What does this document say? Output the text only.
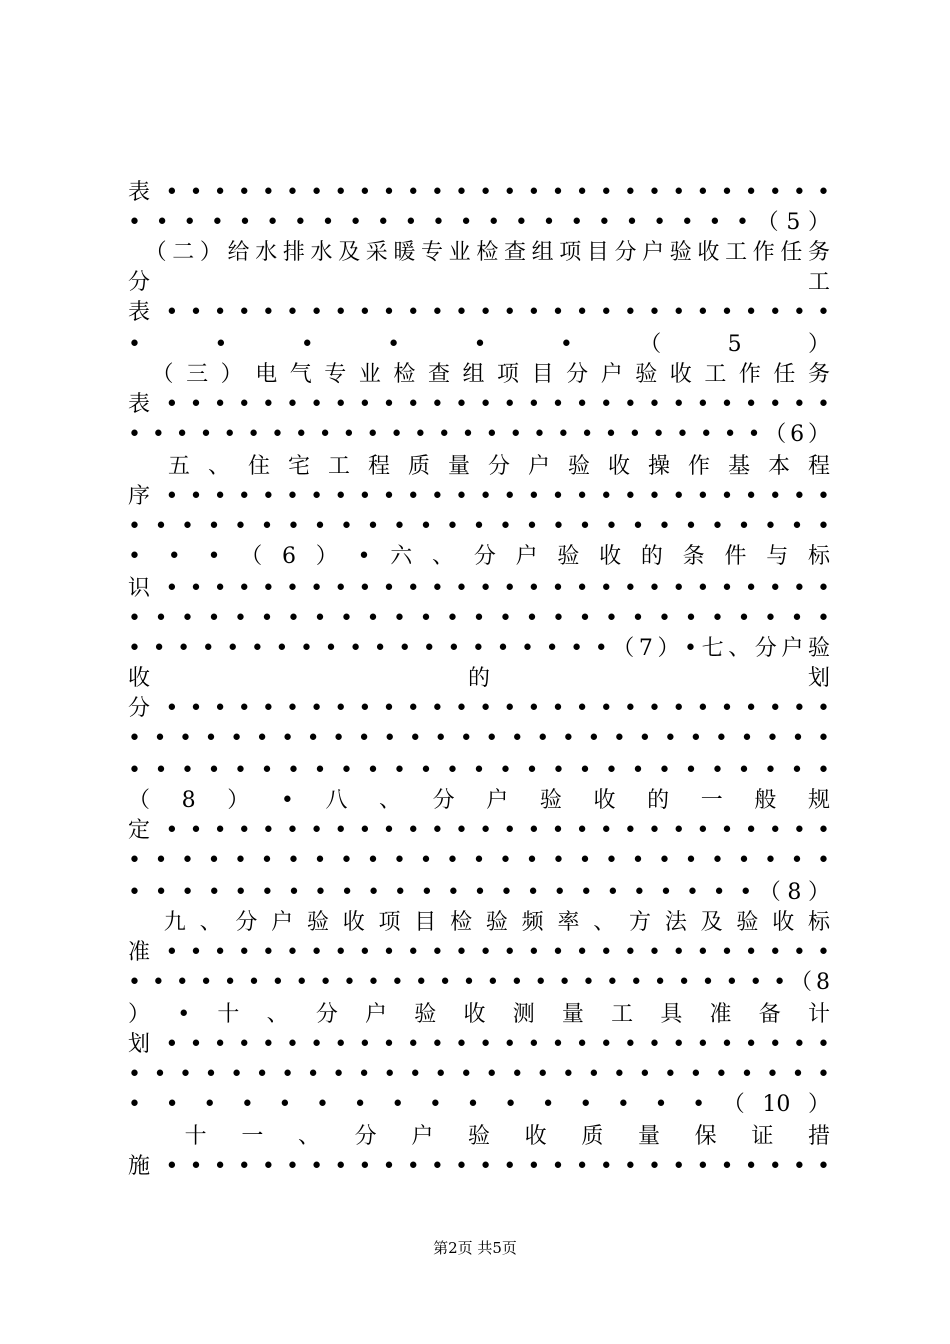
表 • • • • • • • • • • • • • • • • • • • • • • • • • • • •
• • • • • • • • • • • • • • • • • • • • • • •（5）
　（二）给水排水及采暖专业检查组项目分户验收工作任务
分	工
表 • • • • • • • • • • • • • • • • • • • • • • • • • • • •
• • • • • •（5）
　（三）电气专业检查组项目分户验收工作任务
表 • • • • • • • • • • • • • • • • • • • • • • • • • • • •
• • • • • • • • • • • • • • • • • • • • • • • • • • •（6）
　五、住宅工程质量分户验收操作基本程
序 • • • • • • • • • • • • • • • • • • • • • • • • • • • •
• • • • • • • • • • • • • • • • • • • • • • • • • • •
• • •（6）•六、分户验收的条件与标
识 • • • • • • • • • • • • • • • • • • • • • • • • • • • •
• • • • • • • • • • • • • • • • • • • • • • • • • • •
• • • • • • • • • • • • • • • • • • • •（7）•七、分户验
收	的	划
分 • • • • • • • • • • • • • • • • • • • • • • • • • • • •
• • • • • • • • • • • • • • • • • • • • • • • • • • • •
• • • • • • • • • • • • • • • • • • • • • • • • • • •
（8）•八、分户验收的一般规
定 • • • • • • • • • • • • • • • • • • • • • • • • • • • •
• • • • • • • • • • • • • • • • • • • • • • • • • • •
• • • • • • • • • • • • • • • • • • • • • • • •（8）
　九、分户验收项目检验频率、方法及验收标
准 • • • • • • • • • • • • • • • • • • • • • • • • • • • •
• • • • • • • • • • • • • • • • • • • • • • • • • • • •（8
）•十、分户验收测量工具准备计
划 • • • • • • • • • • • • • • • • • • • • • • • • • • • •
• • • • • • • • • • • • • • • • • • • • • • • • • • • •
• • • • • • • • • • • • • • • •（10）
　十一、分户验收质量保证措
施 • • • • • • • • • • • • • • • • • • • • • • • • • • • •
第2页 共5页
